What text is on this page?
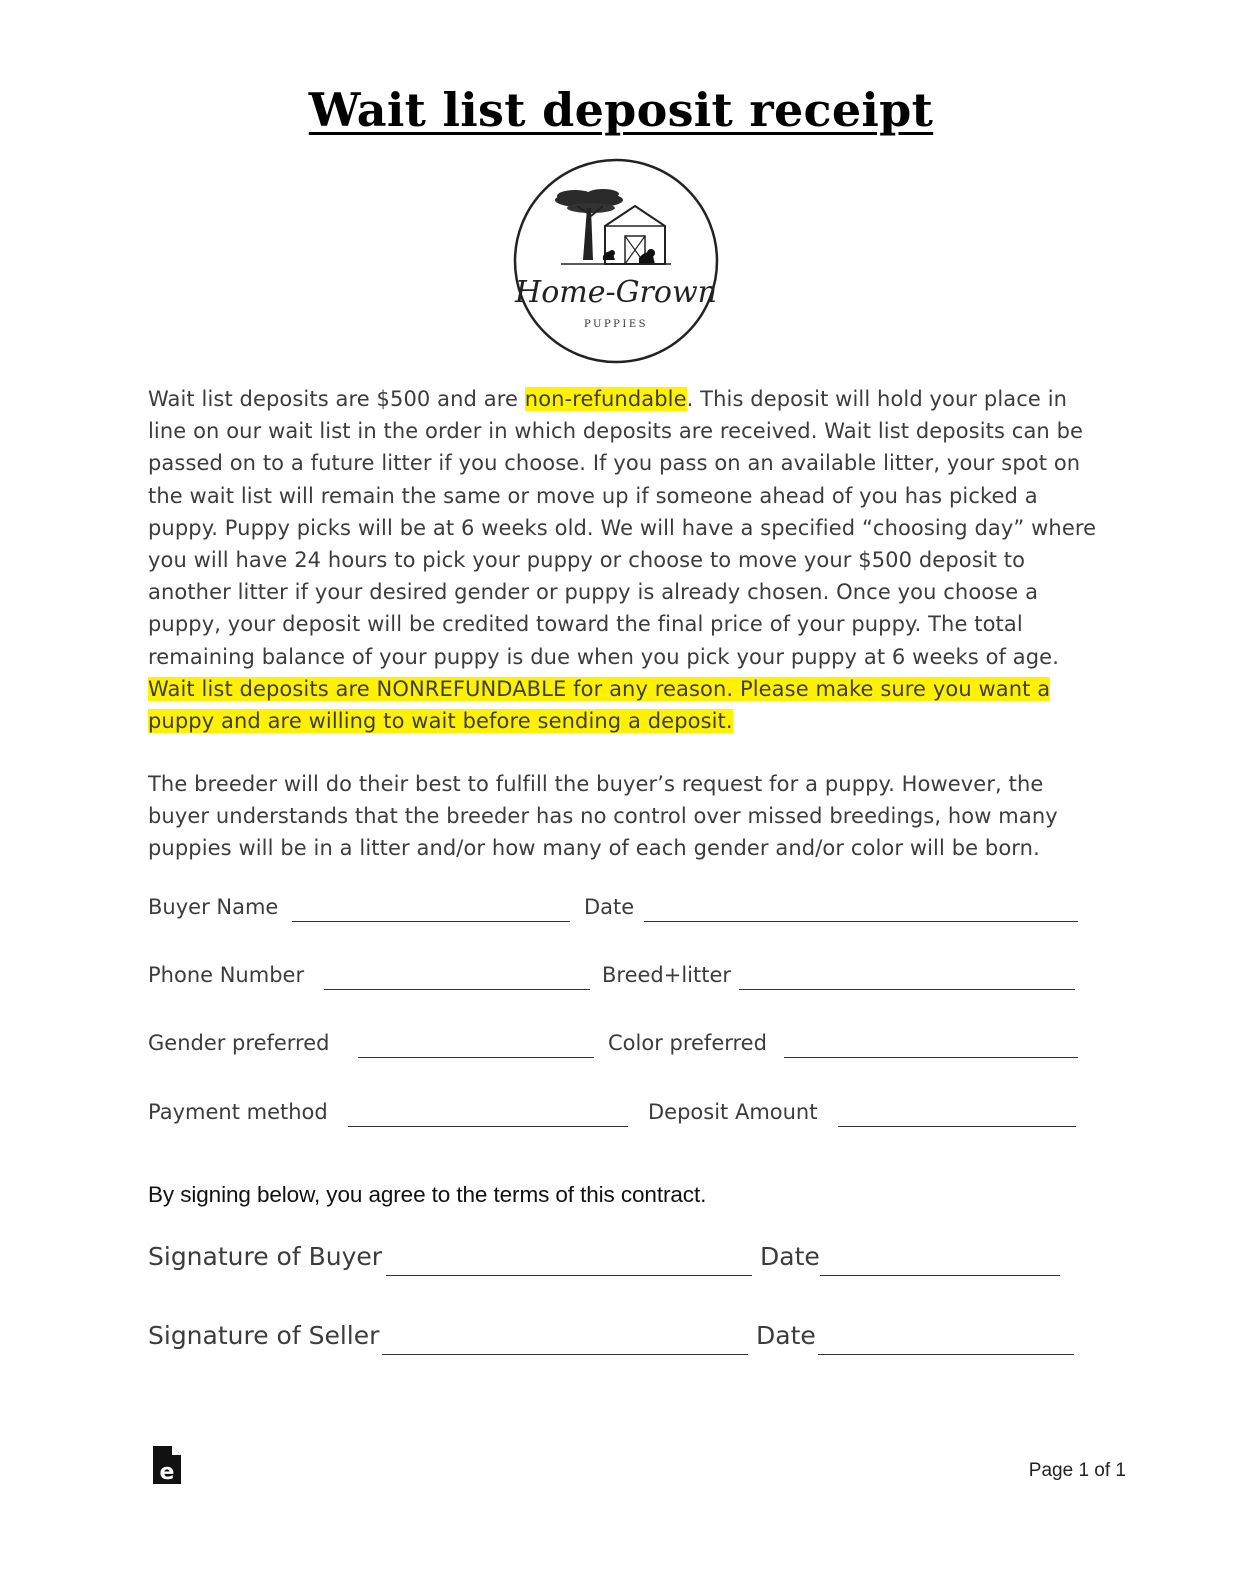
Wait list deposit receipt
Home-Grown
PUPPIES
Wait list deposits are $500 and are non-refundable. This deposit will hold your place in line on our wait list in the order in which deposits are received. Wait list deposits can be passed on to a future litter if you choose. If you pass on an available litter, your spot on the wait list will remain the same or move up if someone ahead of you has picked a puppy. Puppy picks will be at 6 weeks old. We will have a specified “choosing day” where you will have 24 hours to pick your puppy or choose to move your $500 deposit to another litter if your desired gender or puppy is already chosen. Once you choose a puppy, your deposit will be credited toward the final price of your puppy. The total remaining balance of your puppy is due when you pick your puppy at 6 weeks of age. Wait list deposits are NONREFUNDABLE for any reason. Please make sure you want a puppy and are willing to wait before sending a deposit.
The breeder will do their best to fulfill the buyer’s request for a puppy. However, the buyer understands that the breeder has no control over missed breedings, how many puppies will be in a litter and/or how many of each gender and/or color will be born.
Buyer Name	Date
Phone Number	Breed+litter
Gender preferred	Color preferred
Payment method	Deposit Amount
By signing below, you agree to the terms of this contract.
Signature of Buyer	Date
Signature of Seller	Date
e	Page 1 of 1
